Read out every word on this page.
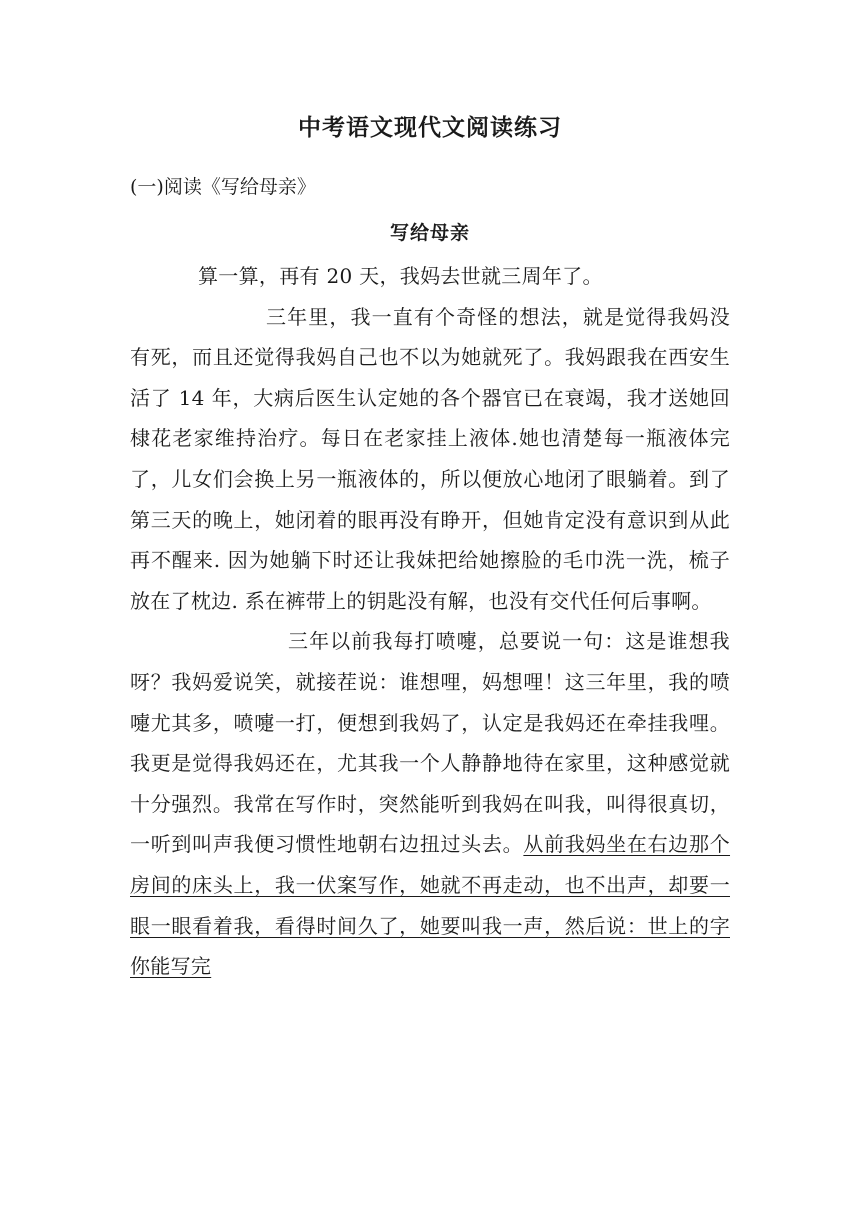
中考语文现代文阅读练习
(一)阅读《写给母亲》
写给母亲

算一算，再有 20 天，我妈去世就三周年了。

三年里，我一直有个奇怪的想法，就是觉得我妈没有死，而且还觉得我妈自己也不以为她就死了。我妈跟我在西安生活了 14 年，大病后医生认定她的各个器官已在衰竭，我才送她回棣花老家维持治疗。每日在老家挂上液体.她也清楚每一瓶液体完了，儿女们会换上另一瓶液体的，所以便放心地闭了眼躺着。到了第三天的晚上，她闭着的眼再没有睁开，但她肯定没有意识到从此再不醒来. 因为她躺下时还让我妹把给她擦脸的毛巾洗一洗，梳子放在了枕边. 系在裤带上的钥匙没有解，也没有交代任何后事啊。

三年以前我每打喷嚏，总要说一句：这是谁想我呀？我妈爱说笑，就接茬说：谁想哩，妈想哩！这三年里，我的喷嚏尤其多，喷嚏一打，便想到我妈了，认定是我妈还在牵挂我哩。我更是觉得我妈还在，尤其我一个人静静地待在家里，这种感觉就十分强烈。我常在写作时，突然能听到我妈在叫我，叫得很真切，一听到叫声我便习惯性地朝右边扭过头去。从前我妈坐在右边那个房间的床头上，我一伏案写作，她就不再走动，也不出声，却要一眼一眼看着我，看得时间久了，她要叫我一声，然后说：世上的字你能写完
